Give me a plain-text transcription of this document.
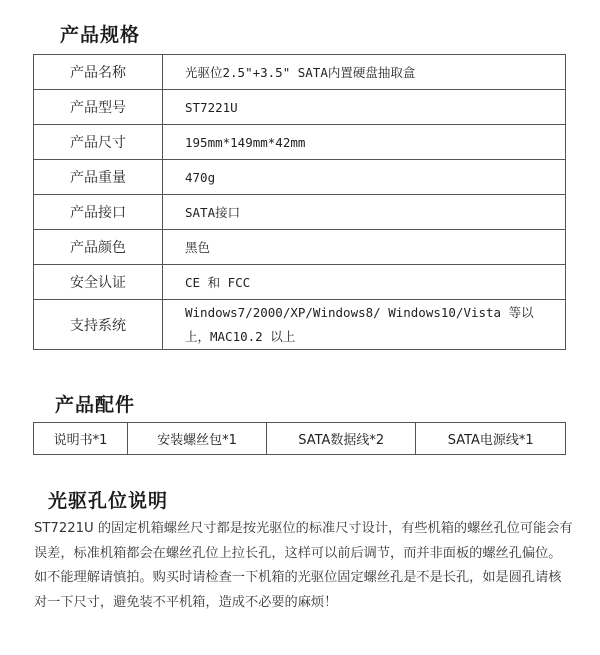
产品规格
产品名称	光驱位2.5"+3.5" SATA内置硬盘抽取盒
产品型号	ST7221U
产品尺寸	195mm*149mm*42mm
产品重量	470g
产品接口	SATA接口
产品颜色	黑色
安全认证	CE 和 FCC
支持系统	Windows7/2000/XP/Windows8/ Windows10/Vista 等以上，MAC10.2 以上
产品配件
说明书*1	安装螺丝包*1	SATA数据线*2	SATA电源线*1
光驱孔位说明
ST7221U 的固定机箱螺丝尺寸都是按光驱位的标准尺寸设计，有些机箱的螺丝孔位可能会有误差，标准机箱都会在螺丝孔位上拉长孔，这样可以前后调节，而并非面板的螺丝孔偏位。如不能理解请慎拍。购买时请检查一下机箱的光驱位固定螺丝孔是不是长孔，如是圆孔请核对一下尺寸，避免装不平机箱，造成不必要的麻烦！
